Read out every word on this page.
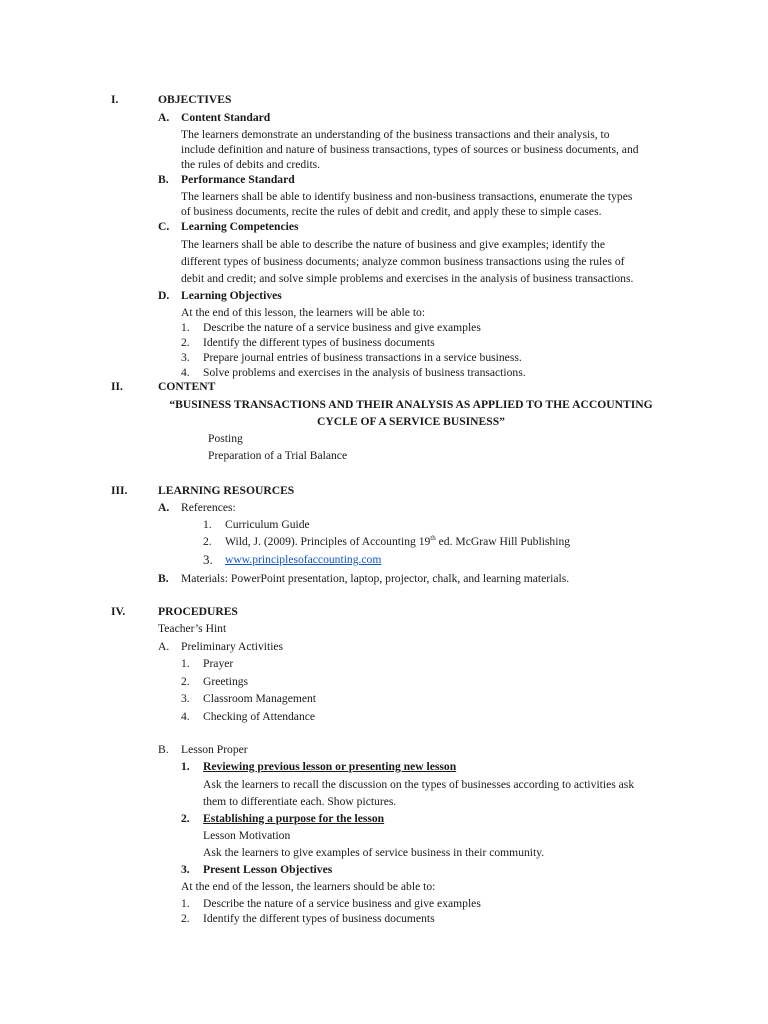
I.	OBJECTIVES
A. Content Standard
The learners demonstrate an understanding of the business transactions and their analysis, to
include definition and nature of business transactions, types of sources or business documents, and
the rules of debits and credits.
B. Performance Standard
The learners shall be able to identify business and non-business transactions, enumerate the types
of business documents, recite the rules of debit and credit, and apply these to simple cases.
C. Learning Competencies
The learners shall be able to describe the nature of business and give examples; identify the
different types of business documents; analyze common business transactions using the rules of
debit and credit; and solve simple problems and exercises in the analysis of business transactions.
D. Learning Objectives
At the end of this lesson, the learners will be able to:
1. Describe the nature of a service business and give examples
2. Identify the different types of business documents
3. Prepare journal entries of business transactions in a service business.
4. Solve problems and exercises in the analysis of business transactions.
II.	CONTENT
“BUSINESS TRANSACTIONS AND THEIR ANALYSIS AS APPLIED TO THE ACCOUNTING
CYCLE OF A SERVICE BUSINESS”
Posting
Preparation of a Trial Balance
III.	LEARNING RESOURCES
A. References:
1. Curriculum Guide
2. Wild, J. (2009). Principles of Accounting 19th ed. McGraw Hill Publishing
3. www.principlesofaccounting.com
B. Materials: PowerPoint presentation, laptop, projector, chalk, and learning materials.
IV.	PROCEDURES
Teacher’s Hint
A. Preliminary Activities
1. Prayer
2. Greetings
3. Classroom Management
4. Checking of Attendance
B. Lesson Proper
1. Reviewing previous lesson or presenting new lesson
Ask the learners to recall the discussion on the types of businesses according to activities ask
them to differentiate each. Show pictures.
2. Establishing a purpose for the lesson
Lesson Motivation
Ask the learners to give examples of service business in their community.
3. Present Lesson Objectives
At the end of the lesson, the learners should be able to:
1. Describe the nature of a service business and give examples
2. Identify the different types of business documents
